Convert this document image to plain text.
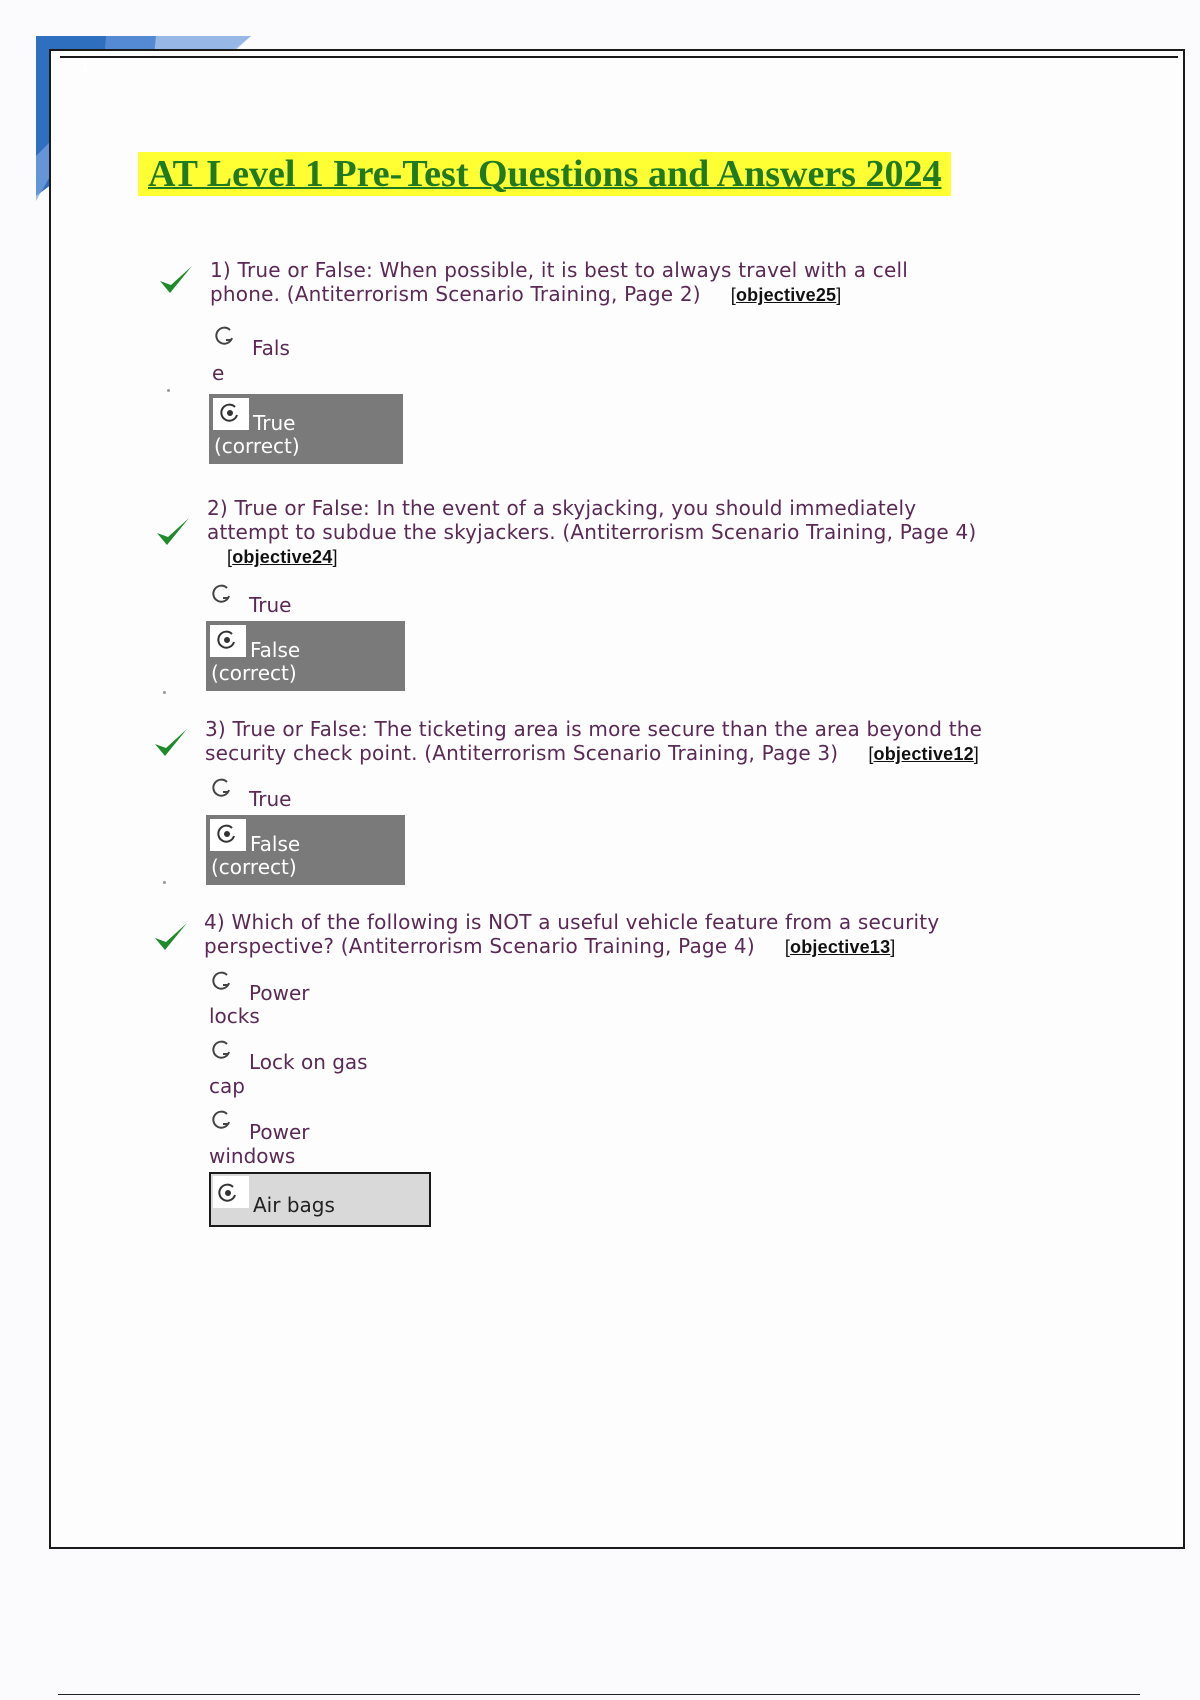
1
AT Level 1 Pre-Test Questions and Answers 2024
1) True or False: When possible, it is best to always travel with a cell
phone. (Antiterrorism Scenario Training, Page 2) [objective25]
Fals
e
True
(correct)
2) True or False: In the event of a skyjacking, you should immediately
attempt to subdue the skyjackers. (Antiterrorism Scenario Training, Page 4)
[objective24]
True
False
(correct)
3) True or False: The ticketing area is more secure than the area beyond the
security check point. (Antiterrorism Scenario Training, Page 3) [objective12]
True
False
(correct)
4) Which of the following is NOT a useful vehicle feature from a security
perspective? (Antiterrorism Scenario Training, Page 4) [objective13]
Power
locks
Lock on gas
cap
Power
windows
Air bags
